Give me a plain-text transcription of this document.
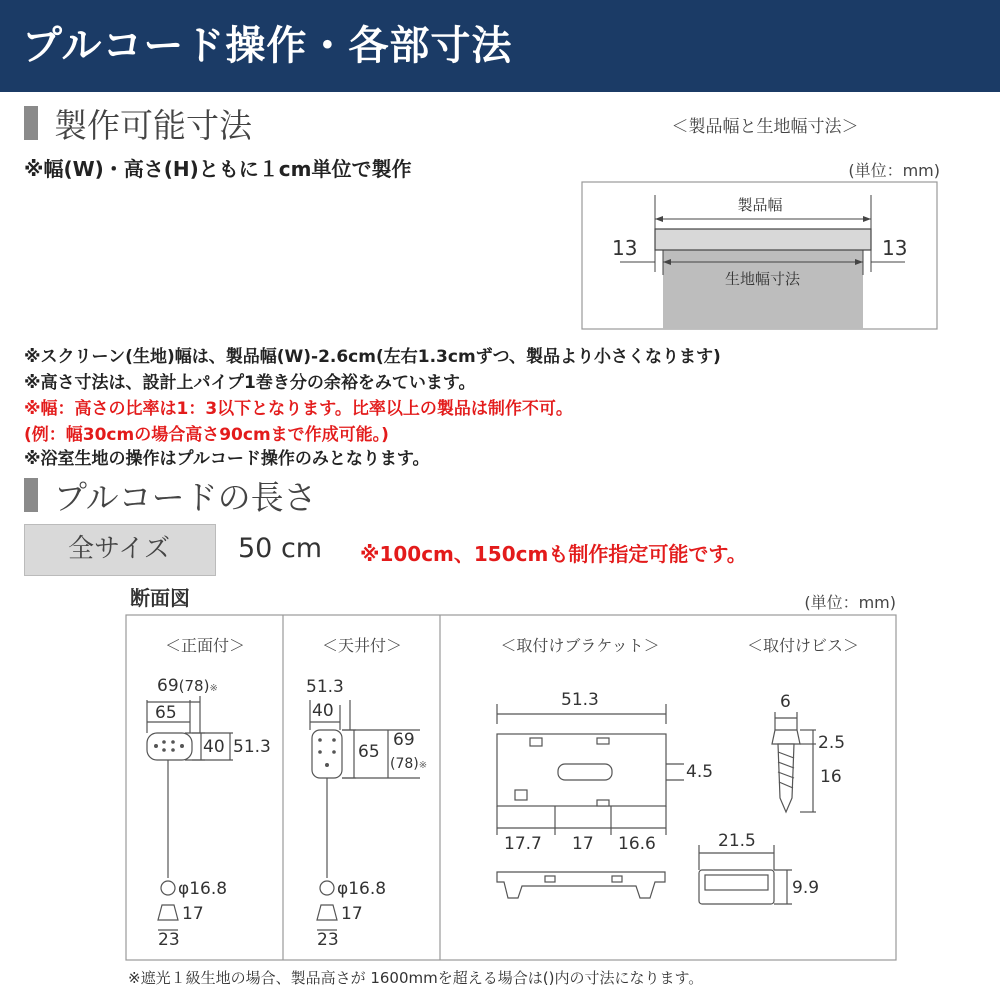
プルコード操作・各部寸法
製作可能寸法
※幅(W)・高さ(H)ともに１cm単位で製作
＜製品幅と生地幅寸法＞
(単位：mm)
製品幅
生地幅寸法
13	13
※スクリーン(生地)幅は、製品幅(W)-2.6cm(左右1.3cmずつ、製品より小さくなります)
※高さ寸法は、設計上パイプ1巻き分の余裕をみています。
※幅：高さの比率は1：3以下となります。比率以上の製品は制作不可。
(例：幅30cmの場合高さ90cmまで作成可能。)
※浴室生地の操作はプルコード操作のみとなります。
プルコードの長さ
全サイズ	50 cm ※100cm、150cmも制作指定可能です。
断面図	(単位：mm)
＜正面付＞	＜天井付＞	＜取付けブラケット＞	＜取付けビス＞
69(78)※
65
40 51.3
φ16.8
17
23
51.3
40
65
69
(78)※
φ16.8
17
23
51.3
4.5
17.7 17 16.6
6
2.5
16
21.5
9.9
※遮光１級生地の場合、製品高さが 1600mmを超える場合は()内の寸法になります。
